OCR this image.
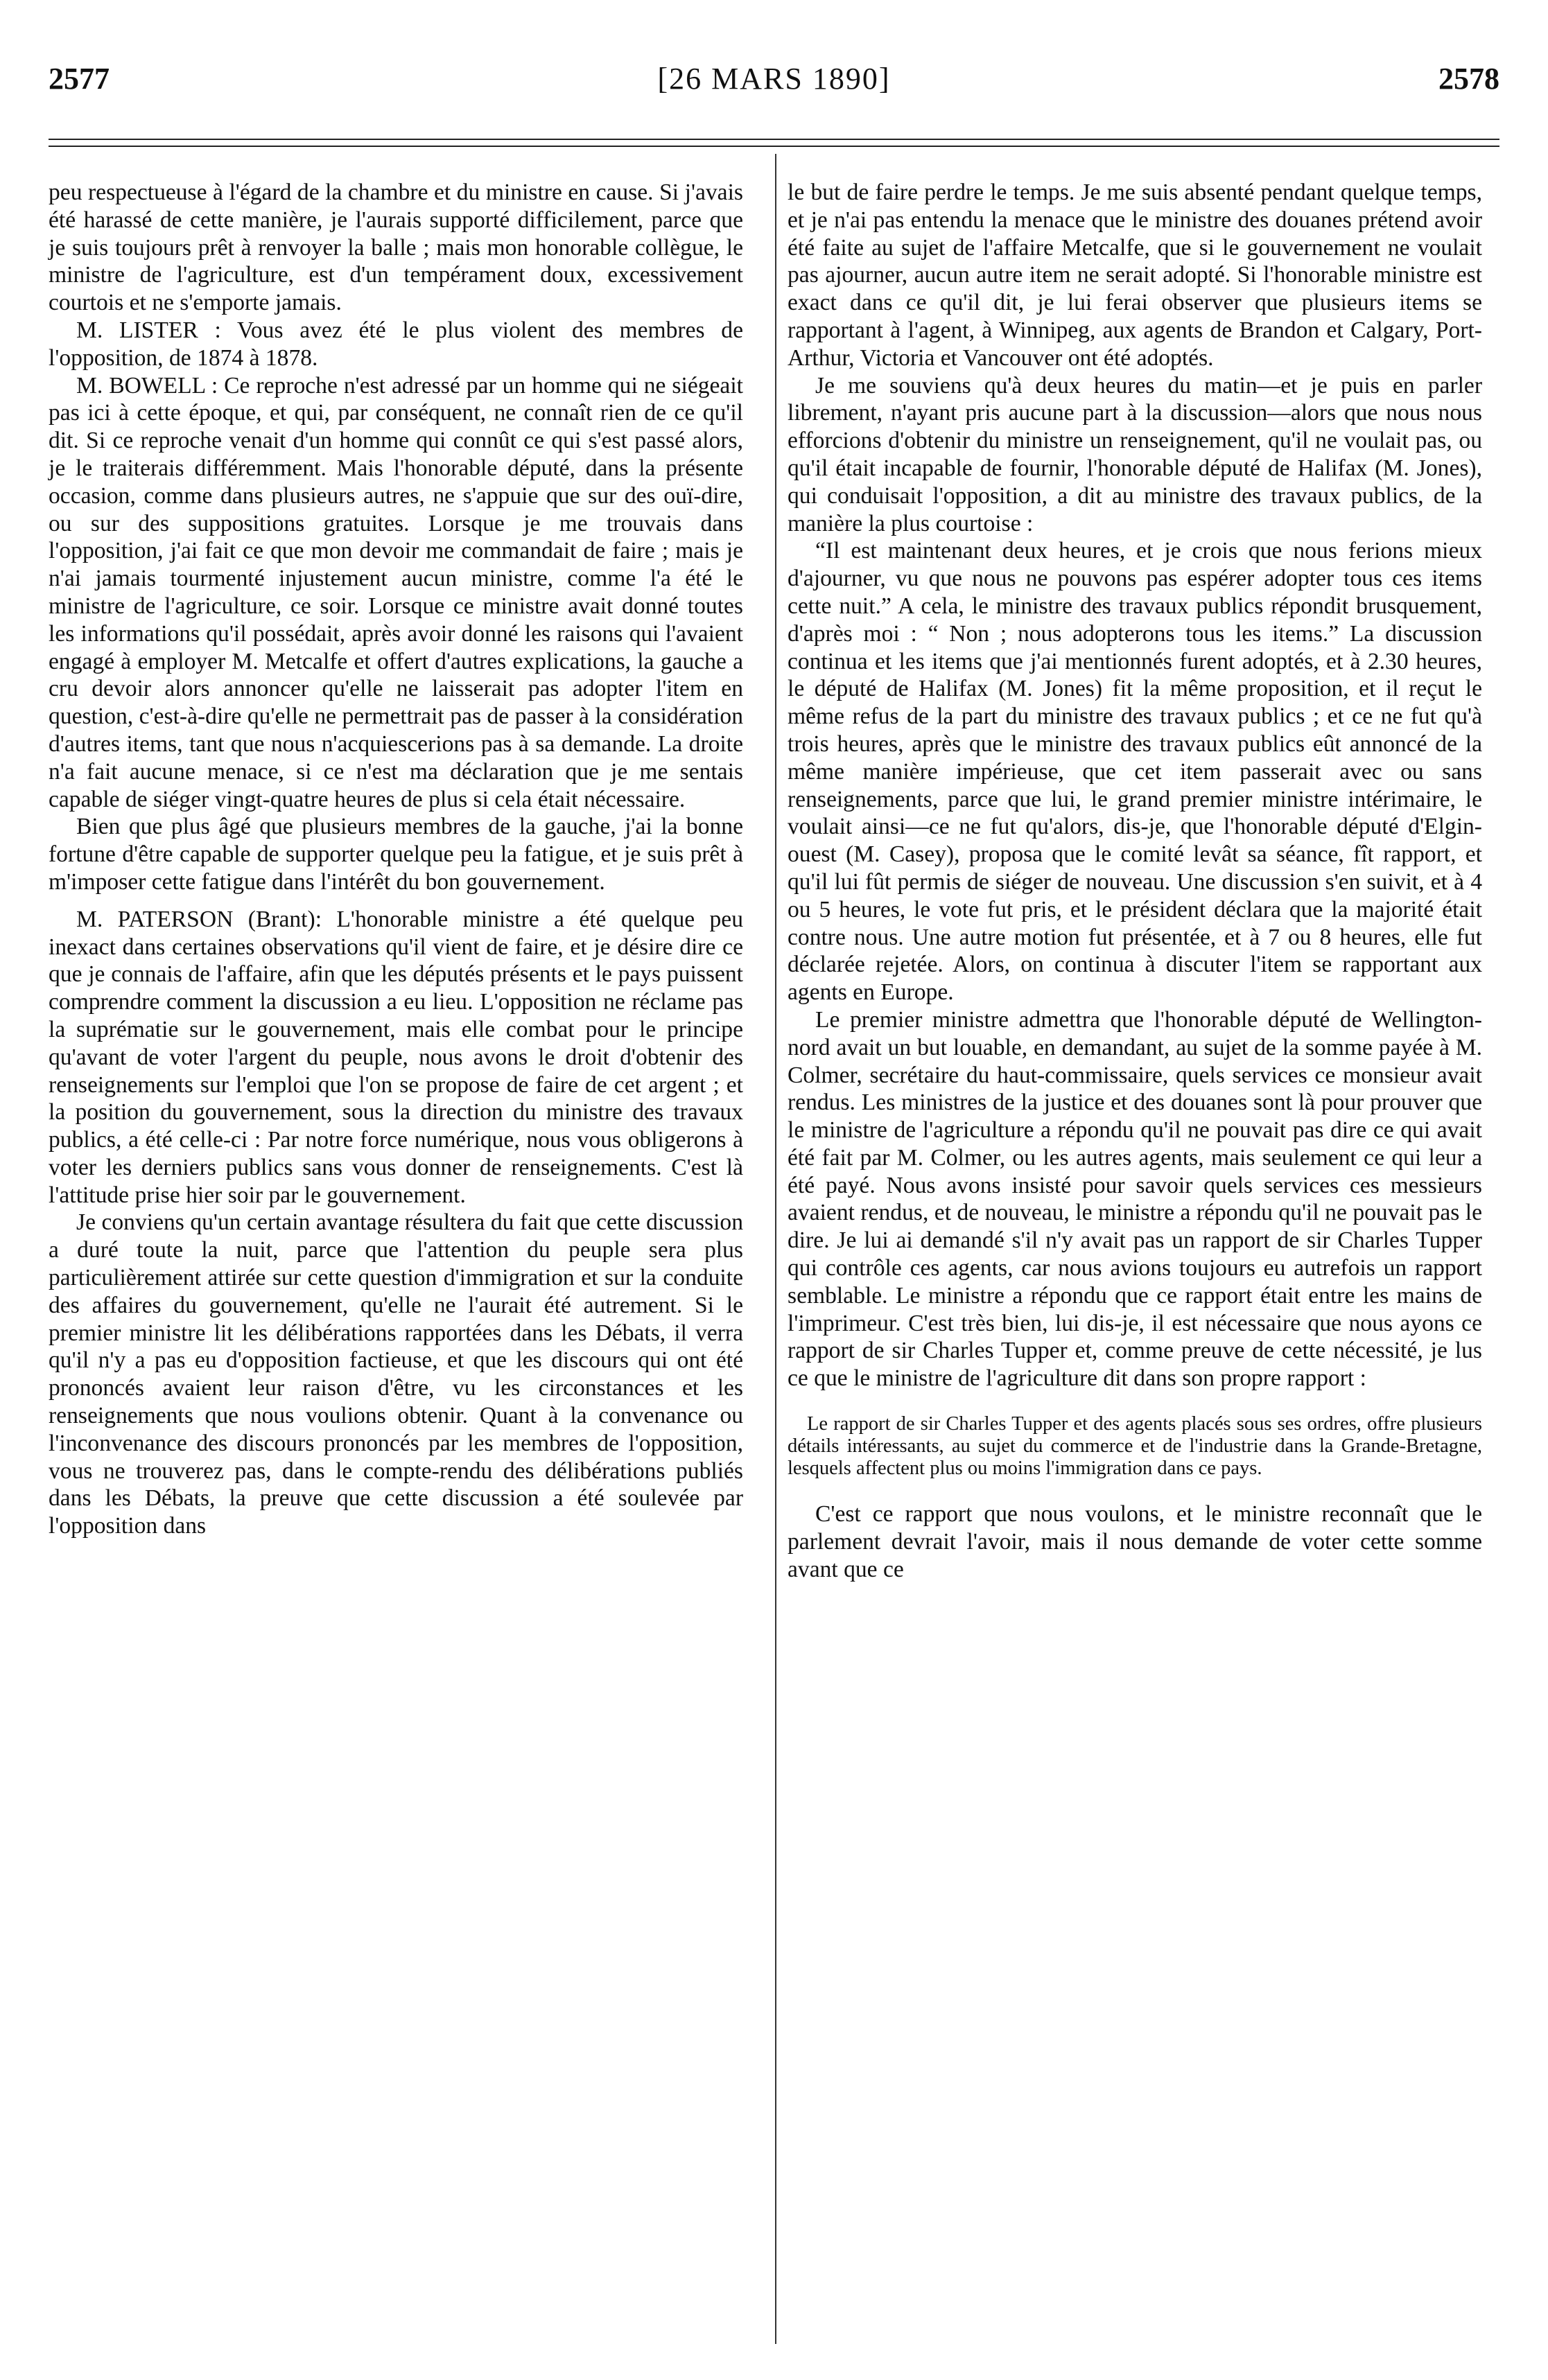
2577	[26 MARS 1890]	2578

peu respectueuse à l'égard de la chambre et du ministre en cause. Si j'avais été harassé de cette manière, je l'aurais supporté difficilement, parce que je suis toujours prêt à renvoyer la balle ; mais mon honorable collègue, le ministre de l'agriculture, est d'un tempérament doux, excessivement courtois et ne s'emporte jamais.

M. LISTER : Vous avez été le plus violent des membres de l'opposition, de 1874 à 1878.

M. BOWELL : Ce reproche n'est adressé par un homme qui ne siégeait pas ici à cette époque, et qui, par conséquent, ne connaît rien de ce qu'il dit. Si ce reproche venait d'un homme qui connût ce qui s'est passé alors, je le traiterais différemment. Mais l'honorable député, dans la présente occasion, comme dans plusieurs autres, ne s'appuie que sur des ouï-dire, ou sur des suppositions gratuites. Lorsque je me trouvais dans l'opposition, j'ai fait ce que mon devoir me commandait de faire ; mais je n'ai jamais tourmenté injustement aucun ministre, comme l'a été le ministre de l'agriculture, ce soir. Lorsque ce ministre avait donné toutes les informations qu'il possédait, après avoir donné les raisons qui l'avaient engagé à employer M. Metcalfe et offert d'autres explications, la gauche a cru devoir alors annoncer qu'elle ne laisserait pas adopter l'item en question, c'est-à-dire qu'elle ne permettrait pas de passer à la considération d'autres items, tant que nous n'acquiescerions pas à sa demande. La droite n'a fait aucune menace, si ce n'est ma déclaration que je me sentais capable de siéger vingt-quatre heures de plus si cela était nécessaire.

Bien que plus âgé que plusieurs membres de la gauche, j'ai la bonne fortune d'être capable de supporter quelque peu la fatigue, et je suis prêt à m'imposer cette fatigue dans l'intérêt du bon gouvernement.

M. PATERSON (Brant): L'honorable ministre a été quelque peu inexact dans certaines observations qu'il vient de faire, et je désire dire ce que je connais de l'affaire, afin que les députés présents et le pays puissent comprendre comment la discussion a eu lieu. L'opposition ne réclame pas la suprématie sur le gouvernement, mais elle combat pour le principe qu'avant de voter l'argent du peuple, nous avons le droit d'obtenir des renseignements sur l'emploi que l'on se propose de faire de cet argent ; et la position du gouvernement, sous la direction du ministre des travaux publics, a été celle-ci : Par notre force numérique, nous vous obligerons à voter les derniers publics sans vous donner de renseignements. C'est là l'attitude prise hier soir par le gouvernement.

Je conviens qu'un certain avantage résultera du fait que cette discussion a duré toute la nuit, parce que l'attention du peuple sera plus particulièrement attirée sur cette question d'immigration et sur la conduite des affaires du gouvernement, qu'elle ne l'aurait été autrement. Si le premier ministre lit les délibérations rapportées dans les Débats, il verra qu'il n'y a pas eu d'opposition factieuse, et que les discours qui ont été prononcés avaient leur raison d'être, vu les circonstances et les renseignements que nous voulions obtenir. Quant à la convenance ou l'inconvenance des discours prononcés par les membres de l'opposition, vous ne trouverez pas, dans le compte-rendu des délibérations publiés dans les Débats, la preuve que cette discussion a été soulevée par l'opposition dans

le but de faire perdre le temps. Je me suis absenté pendant quelque temps, et je n'ai pas entendu la menace que le ministre des douanes prétend avoir été faite au sujet de l'affaire Metcalfe, que si le gouvernement ne voulait pas ajourner, aucun autre item ne serait adopté. Si l'honorable ministre est exact dans ce qu'il dit, je lui ferai observer que plusieurs items se rapportant à l'agent, à Winnipeg, aux agents de Brandon et Calgary, Port-Arthur, Victoria et Vancouver ont été adoptés.

Je me souviens qu'à deux heures du matin—et je puis en parler librement, n'ayant pris aucune part à la discussion—alors que nous nous efforcions d'obtenir du ministre un renseignement, qu'il ne voulait pas, ou qu'il était incapable de fournir, l'honorable député de Halifax (M. Jones), qui conduisait l'opposition, a dit au ministre des travaux publics, de la manière la plus courtoise :

“Il est maintenant deux heures, et je crois que nous ferions mieux d'ajourner, vu que nous ne pouvons pas espérer adopter tous ces items cette nuit.” A cela, le ministre des travaux publics répondit brusquement, d'après moi : “ Non ; nous adopterons tous les items.” La discussion continua et les items que j'ai mentionnés furent adoptés, et à 2.30 heures, le député de Halifax (M. Jones) fit la même proposition, et il reçut le même refus de la part du ministre des travaux publics ; et ce ne fut qu'à trois heures, après que le ministre des travaux publics eût annoncé de la même manière impérieuse, que cet item passerait avec ou sans renseignements, parce que lui, le grand premier ministre intérimaire, le voulait ainsi—ce ne fut qu'alors, dis-je, que l'honorable député d'Elgin-ouest (M. Casey), proposa que le comité levât sa séance, fît rapport, et qu'il lui fût permis de siéger de nouveau. Une discussion s'en suivit, et à 4 ou 5 heures, le vote fut pris, et le président déclara que la majorité était contre nous. Une autre motion fut présentée, et à 7 ou 8 heures, elle fut déclarée rejetée. Alors, on continua à discuter l'item se rapportant aux agents en Europe.

Le premier ministre admettra que l'honorable député de Wellington-nord avait un but louable, en demandant, au sujet de la somme payée à M. Colmer, secrétaire du haut-commissaire, quels services ce monsieur avait rendus. Les ministres de la justice et des douanes sont là pour prouver que le ministre de l'agriculture a répondu qu'il ne pouvait pas dire ce qui avait été fait par M. Colmer, ou les autres agents, mais seulement ce qui leur a été payé. Nous avons insisté pour savoir quels services ces messieurs avaient rendus, et de nouveau, le ministre a répondu qu'il ne pouvait pas le dire. Je lui ai demandé s'il n'y avait pas un rapport de sir Charles Tupper qui contrôle ces agents, car nous avions toujours eu autrefois un rapport semblable. Le ministre a répondu que ce rapport était entre les mains de l'imprimeur. C'est très bien, lui dis-je, il est nécessaire que nous ayons ce rapport de sir Charles Tupper et, comme preuve de cette nécessité, je lus ce que le ministre de l'agriculture dit dans son propre rapport :

Le rapport de sir Charles Tupper et des agents placés sous ses ordres, offre plusieurs détails intéressants, au sujet du commerce et de l'industrie dans la Grande-Bretagne, lesquels affectent plus ou moins l'immigration dans ce pays.

C'est ce rapport que nous voulons, et le ministre reconnaît que le parlement devrait l'avoir, mais il nous demande de voter cette somme avant que ce
